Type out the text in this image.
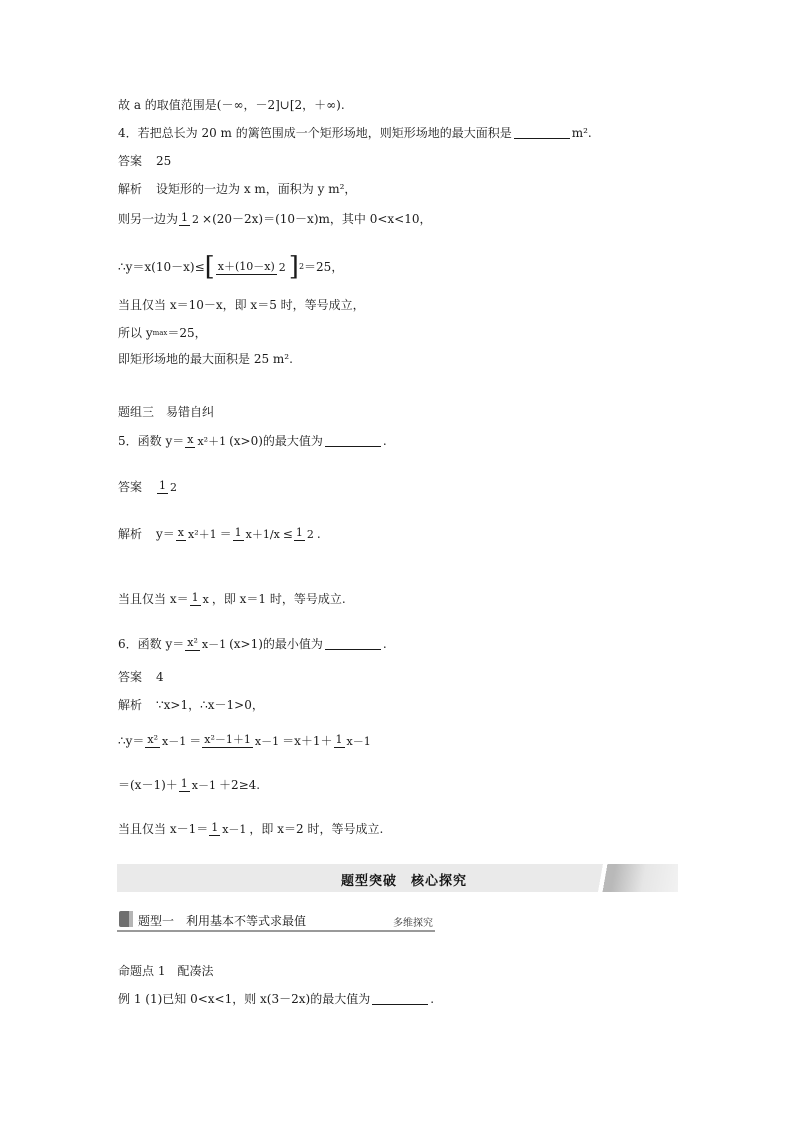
故 a 的取值范围是(－∞，－2]∪[2，＋∞).
4．若把总长为 20 m 的篱笆围成一个矩形场地，则矩形场地的最大面积是	m².
答案 25
解析 设矩形的一边为 x m，面积为 y m²，
则另一边为 1 2 ×(20－2x)＝(10－x)m，其中 0<x<10，
∴y＝x(10－x)≤[ x＋(10－x) 2 ]2＝25，
当且仅当 x＝10－x，即 x＝5 时，等号成立，
所以 ymax＝25，
即矩形场地的最大面积是 25 m².
题组三　易错自纠
5．函数 y＝ x x²＋1 (x>0)的最大值为	.
答案 1 2
解析 y＝ x x²＋1 ＝ 1 x＋1/x ≤ 1 2 .
当且仅当 x＝ 1 x ，即 x＝1 时，等号成立.
6．函数 y＝ x² x－1 (x>1)的最小值为	.
答案 4
解析 ∵x>1，∴x－1>0，
∴y＝ x² x－1 ＝ x²－1＋1 x－1 ＝x＋1＋ 1 x－1
＝(x－1)＋ 1 x－1 ＋2≥4.
当且仅当 x－1＝ 1 x－1 ，即 x＝2 时，等号成立.
题型突破　核心探究
题型一　利用基本不等式求最值	多维探究
命题点 1　配凑法
例 1 (1)已知 0<x<1，则 x(3－2x)的最大值为	.
